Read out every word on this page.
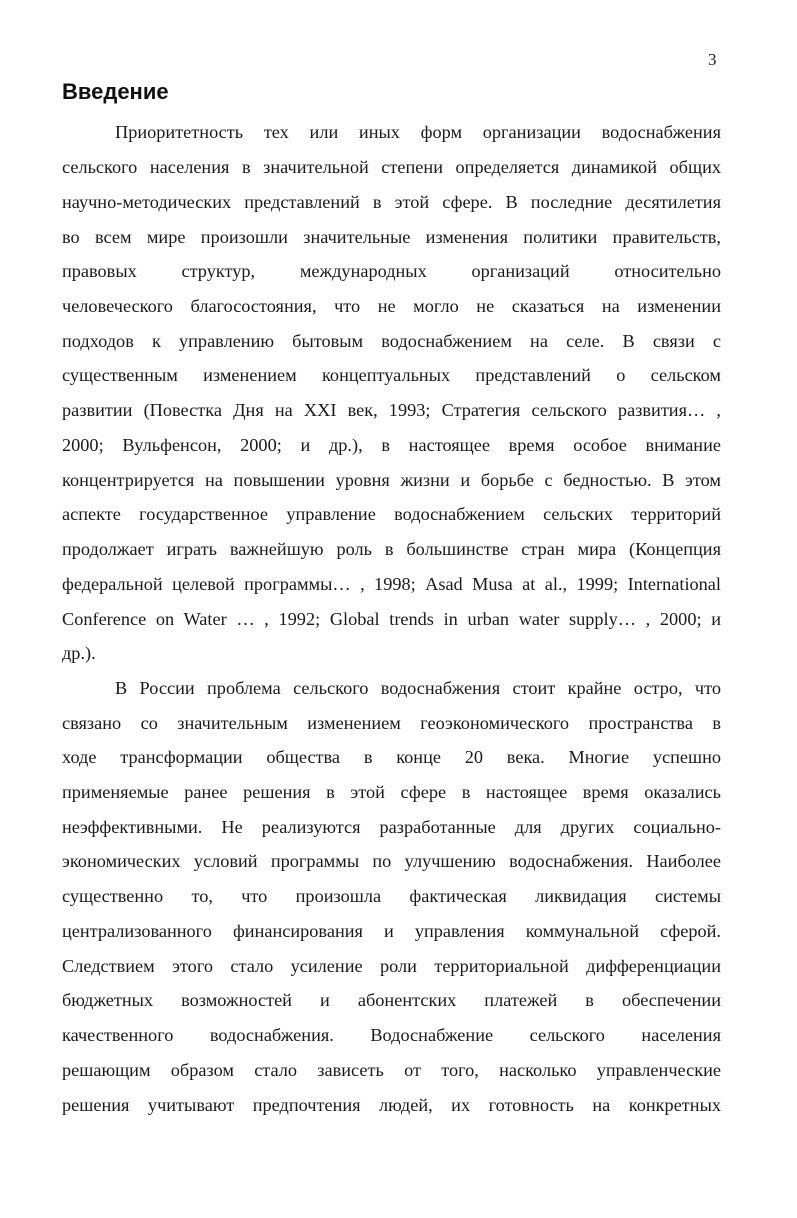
3
Введение
Приоритетность тех или иных форм организации водоснабжения
сельского населения в значительной степени определяется динамикой общих
научно-методических представлений в этой сфере. В последние десятилетия
во всем мире произошли значительные изменения политики правительств,
правовых структур, международных организаций относительно
человеческого благосостояния, что не могло не сказаться на изменении
подходов к управлению бытовым водоснабжением на селе. В связи с
существенным изменением концептуальных представлений о сельском
развитии (Повестка Дня на XXI век, 1993; Стратегия сельского развития… ,
2000; Вульфенсон, 2000; и др.), в настоящее время особое внимание
концентрируется на повышении уровня жизни и борьбе с бедностью. В этом
аспекте государственное управление водоснабжением сельских территорий
продолжает играть важнейшую роль в большинстве стран мира (Концепция
федеральной целевой программы… , 1998; Asad Musa at al., 1999; International
Conference on Water … , 1992; Global trends in urban water supply… , 2000; и
др.).
В России проблема сельского водоснабжения стоит крайне остро, что
связано со значительным изменением геоэкономического пространства в
ходе трансформации общества в конце 20 века. Многие успешно
применяемые ранее решения в этой сфере в настоящее время оказались
неэффективными. Не реализуются разработанные для других социально-
экономических условий программы по улучшению водоснабжения. Наиболее
существенно то, что произошла фактическая ликвидация системы
централизованного финансирования и управления коммунальной сферой.
Следствием этого стало усиление роли территориальной дифференциации
бюджетных возможностей и абонентских платежей в обеспечении
качественного водоснабжения. Водоснабжение сельского населения
решающим образом стало зависеть от того, насколько управленческие
решения учитывают предпочтения людей, их готовность на конкретных
